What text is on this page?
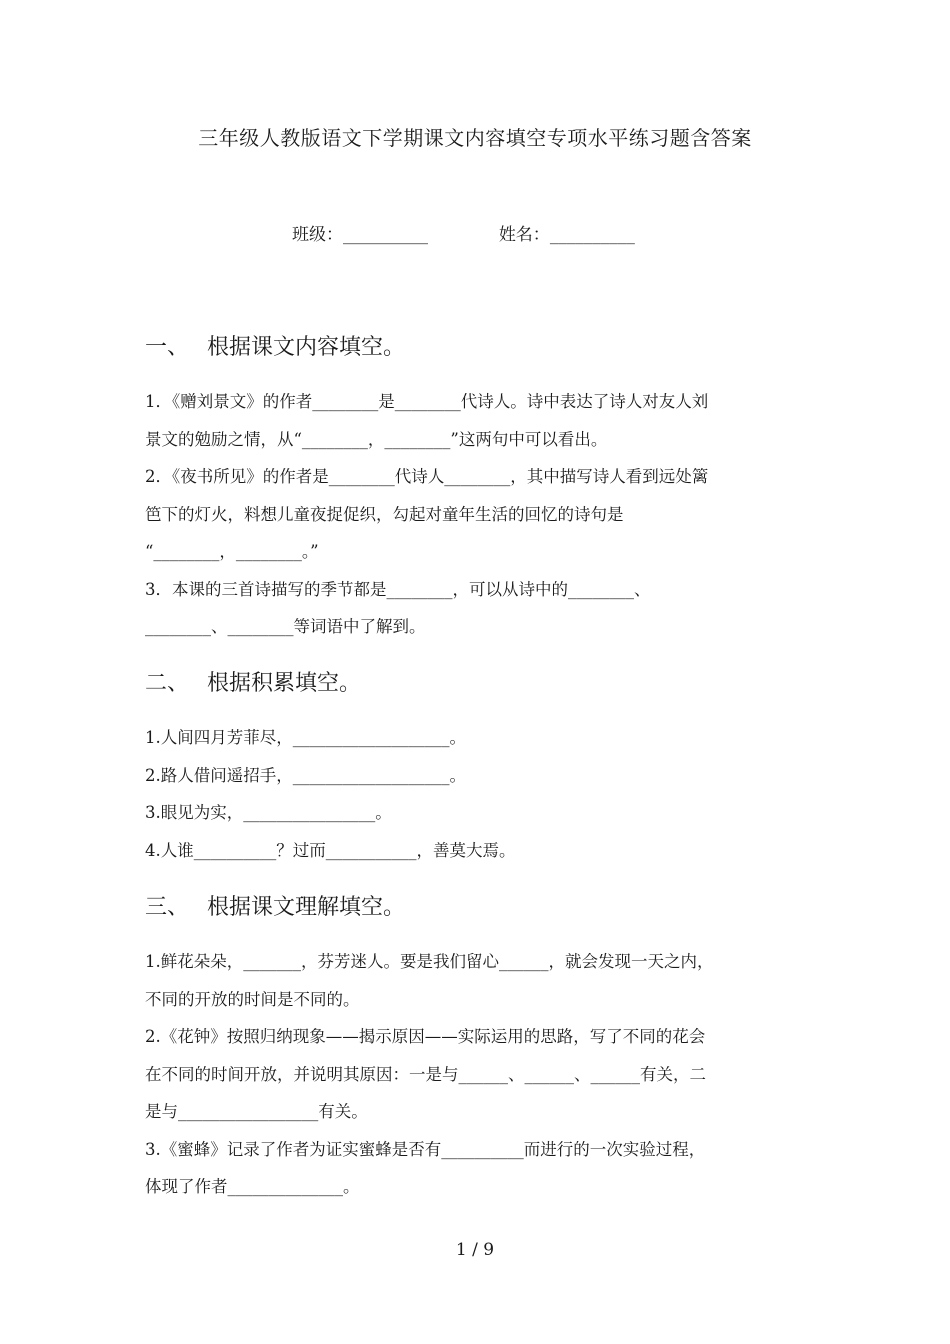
三年级人教版语文下学期课文内容填空专项水平练习题含答案
班级：__________	姓名：__________
一、 根据课文内容填空。

1．《赠刘景文》的作者________是________代诗人。诗中表达了诗人对友人刘

景文的勉励之情，从“________，________”这两句中可以看出。

2．《夜书所见》的作者是________代诗人________，其中描写诗人看到远处篱

笆下的灯火，料想儿童夜捉促织，勾起对童年生活的回忆的诗句是

“________，________。”

3．本课的三首诗描写的季节都是________，可以从诗中的________、

________、________等词语中了解到。

二、 根据积累填空。

1.人间四月芳菲尽，___________________。

2.路人借问遥招手，___________________。

3.眼见为实，________________。

4.人谁__________？过而___________，善莫大焉。

三、 根据课文理解填空。

1.鲜花朵朵，_______，芬芳迷人。要是我们留心______，就会发现一天之内，

不同的开放的时间是不同的。

2.《花钟》按照归纳现象——揭示原因——实际运用的思路，写了不同的花会

在不同的时间开放，并说明其原因：一是与______、______、______有关，二

是与_________________有关。

3.《蜜蜂》记录了作者为证实蜜蜂是否有__________而进行的一次实验过程，

体现了作者______________。

1 / 9
